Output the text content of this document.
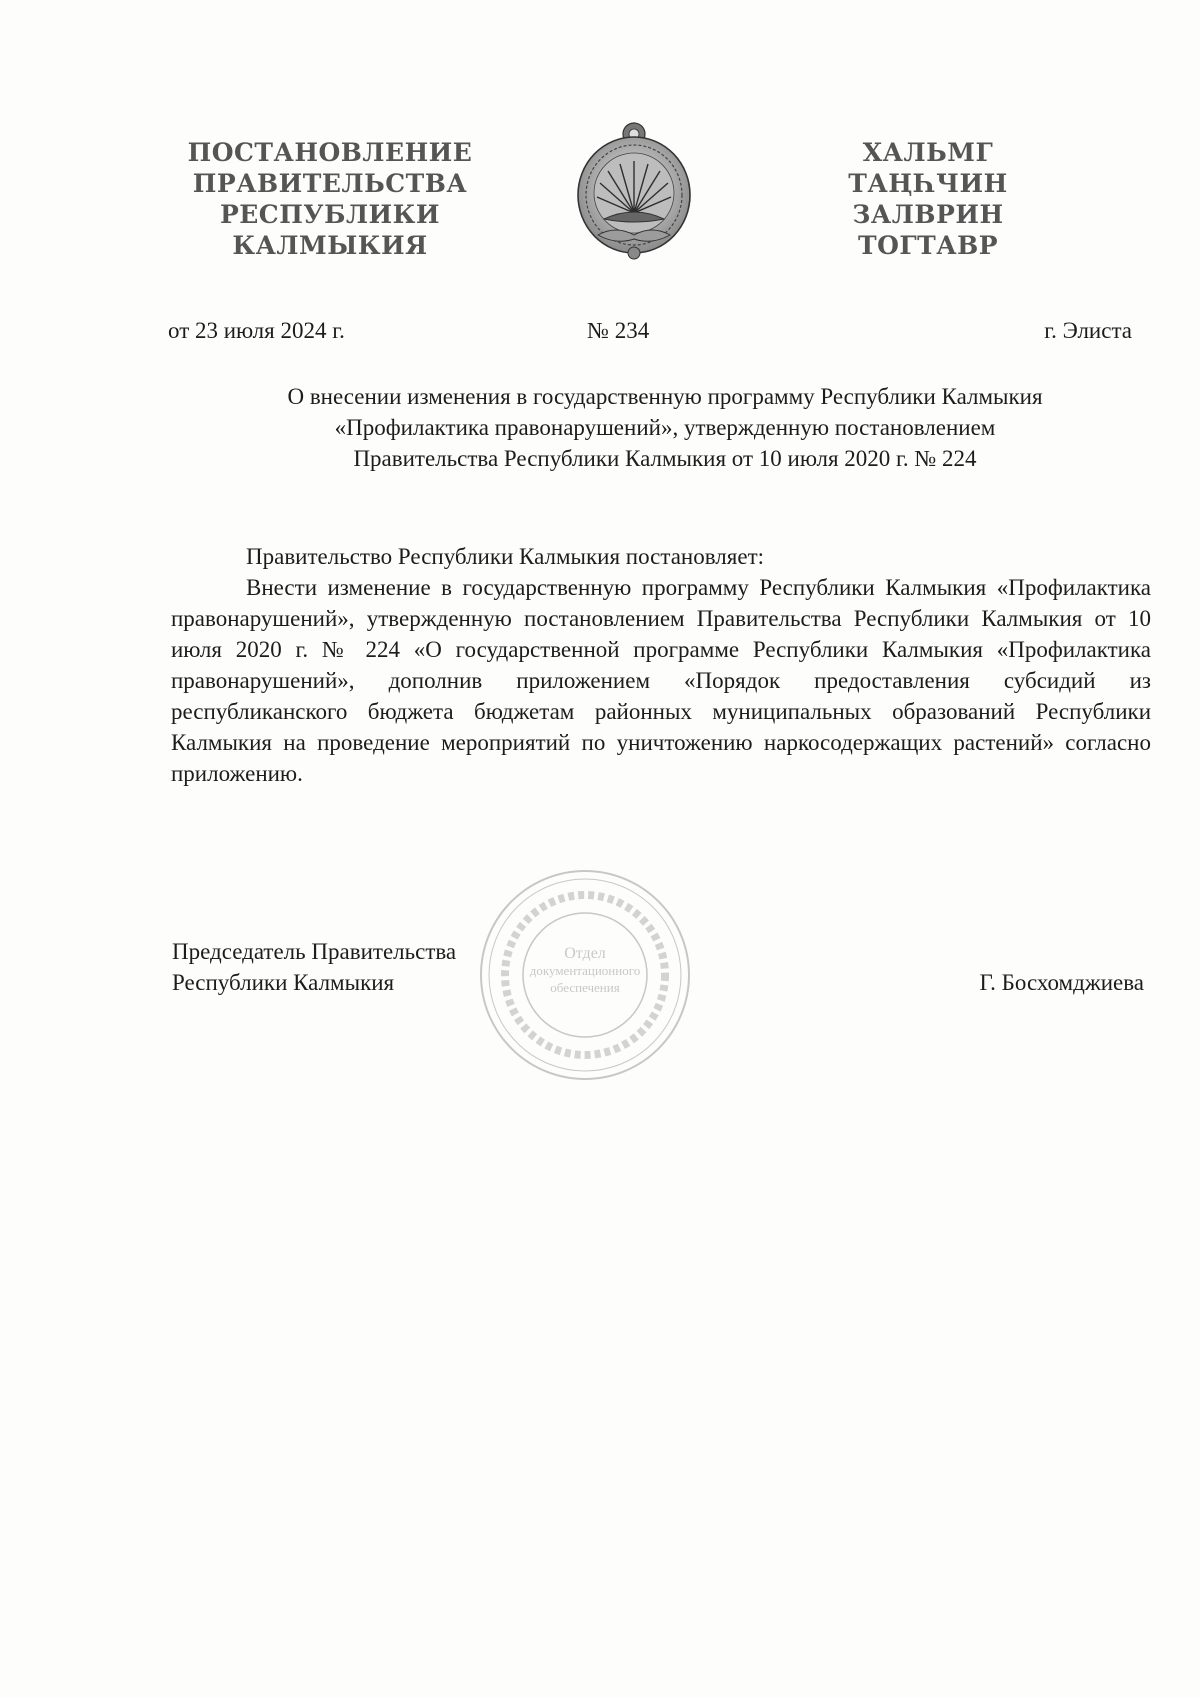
ПОСТАНОВЛЕНИЕ
ПРАВИТЕЛЬСТВА
РЕСПУБЛИКИ
КАЛМЫКИЯ
ХАЛЬМГ
ТАҢҺЧИН
ЗАЛВРИН
ТОГТАВР
от 23 июля 2024 г.	№ 234	г. Элиста
О внесении изменения в государственную программу Республики Калмыкия
«Профилактика правонарушений», утвержденную постановлением
Правительства Республики Калмыкия от 10 июля 2020 г. № 224
Правительство Республики Калмыкия постановляет:
Внести изменение в государственную программу Республики Калмыкия «Профилактика правонарушений», утвержденную постановлением Правительства Республики Калмыкия от 10 июля 2020 г. № 224 «О государственной программе Республики Калмыкия «Профилактика правонарушений», дополнив приложением «Порядок предоставления субсидий из республиканского бюджета бюджетам районных муниципальных образований Республики Калмыкия на проведение мероприятий по уничтожению наркосодержащих растений» согласно приложению.
Отдел
документационного
обеспечения
Председатель Правительства
Республики Калмыкия	Г. Босхомджиева
